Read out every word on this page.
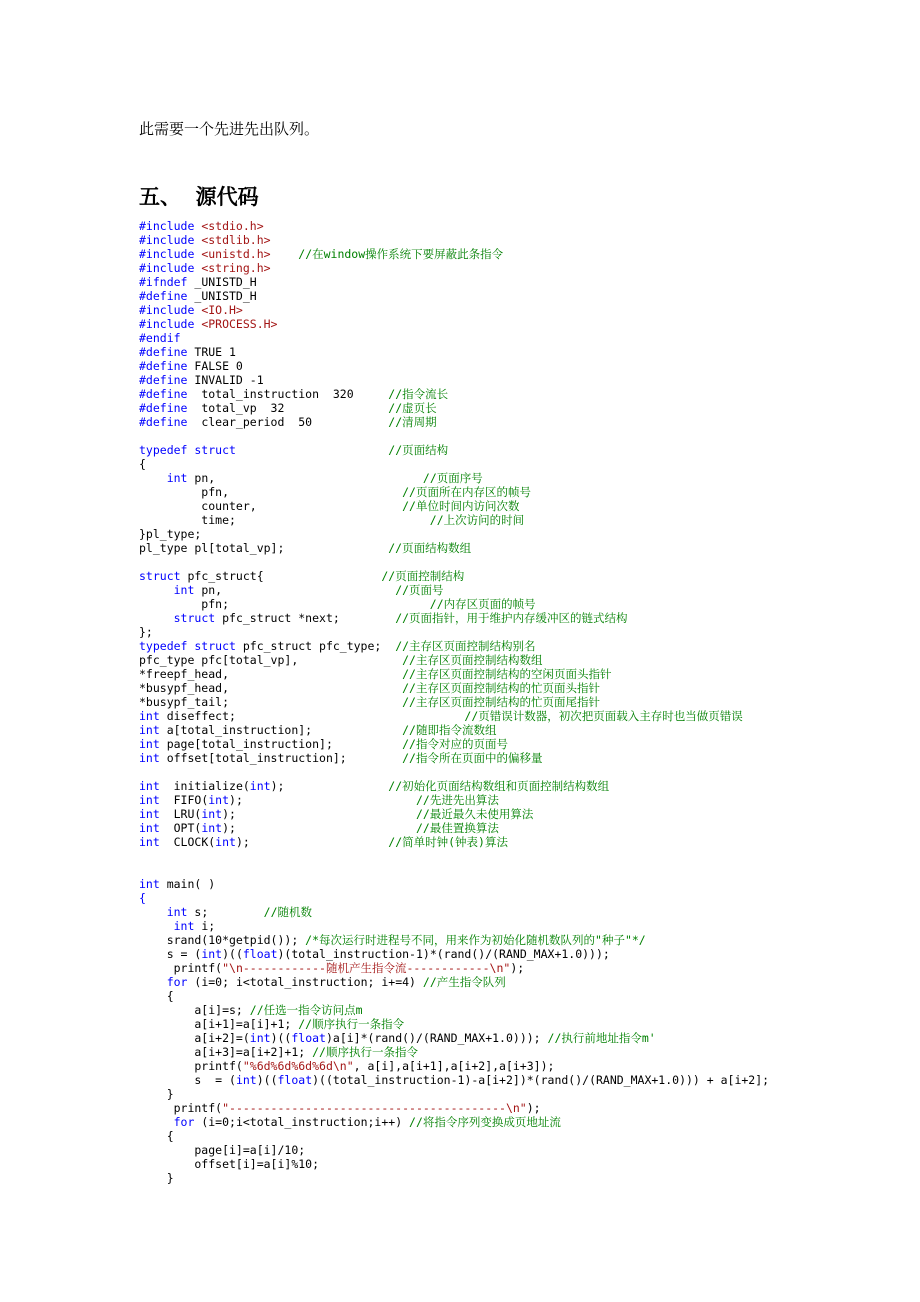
此需要一个先进先出队列。
五、  源代码
#include <stdio.h>
#include <stdlib.h>
#include <unistd.h> //在window操作系统下要屏蔽此条指令
#include <string.h>
#ifndef _UNISTD_H
#define _UNISTD_H
#include <IO.H>
#include <PROCESS.H>
#endif
#define TRUE 1
#define FALSE 0
#define INVALID -1
#define  total_instruction  320     //指令流长
#define  total_vp  32               //虚页长
#define  clear_period  50           //清周期
typedef struct	//页面结构
{
int pn,                              //页面序号
pfn,                         //页面所在内存区的帧号
counter,                     //单位时间内访问次数
time;                            //上次访问的时间
}pl_type;
pl_type pl[total_vp];               //页面结构数组
struct pfc_struct{                 //页面控制结构
int pn,                         //页面号
pfn;                             //内存区页面的帧号
struct pfc_struct *next;        //页面指针，用于维护内存缓冲区的链式结构
};
typedef struct pfc_struct pfc_type;  //主存区页面控制结构别名
pfc_type pfc[total_vp],               //主存区页面控制结构数组
*freepf_head,                         //主存区页面控制结构的空闲页面头指针
*busypf_head,                         //主存区页面控制结构的忙页面头指针
*busypf_tail;                         //主存区页面控制结构的忙页面尾指针
int diseffect;                                 //页错误计数器，初次把页面载入主存时也当做页错误
int a[total_instruction];             //随即指令流数组
int page[total_instruction];          //指令对应的页面号
int offset[total_instruction];        //指令所在页面中的偏移量
int  initialize(int);               //初始化页面结构数组和页面控制结构数组
int  FIFO(int);                         //先进先出算法
int  LRU(int);                          //最近最久未使用算法
int  OPT(int);                          //最佳置换算法
int  CLOCK(int);                    //简单时钟(钟表)算法
int main( )
{
int s;        //随机数
int i;
srand(10*getpid()); /*每次运行时进程号不同，用来作为初始化随机数队列的"种子"*/
s = (int)((float)(total_instruction-1)*(rand()/(RAND_MAX+1.0)));
printf("\n------------随机产生指令流------------\n");
for (i=0; i<total_instruction; i+=4) //产生指令队列
{
a[i]=s; //任选一指令访问点m
a[i+1]=a[i]+1; //顺序执行一条指令
a[i+2]=(int)((float)a[i]*(rand()/(RAND_MAX+1.0))); //执行前地址指令m'
a[i+3]=a[i+2]+1; //顺序执行一条指令
printf("%6d%6d%6d%6d\n", a[i],a[i+1],a[i+2],a[i+3]);
s  = (int)((float)((total_instruction-1)-a[i+2])*(rand()/(RAND_MAX+1.0))) + a[i+2];
}
printf("----------------------------------------\n");
for (i=0;i<total_instruction;i++) //将指令序列变换成页地址流
{
page[i]=a[i]/10;
offset[i]=a[i]%10;
}
